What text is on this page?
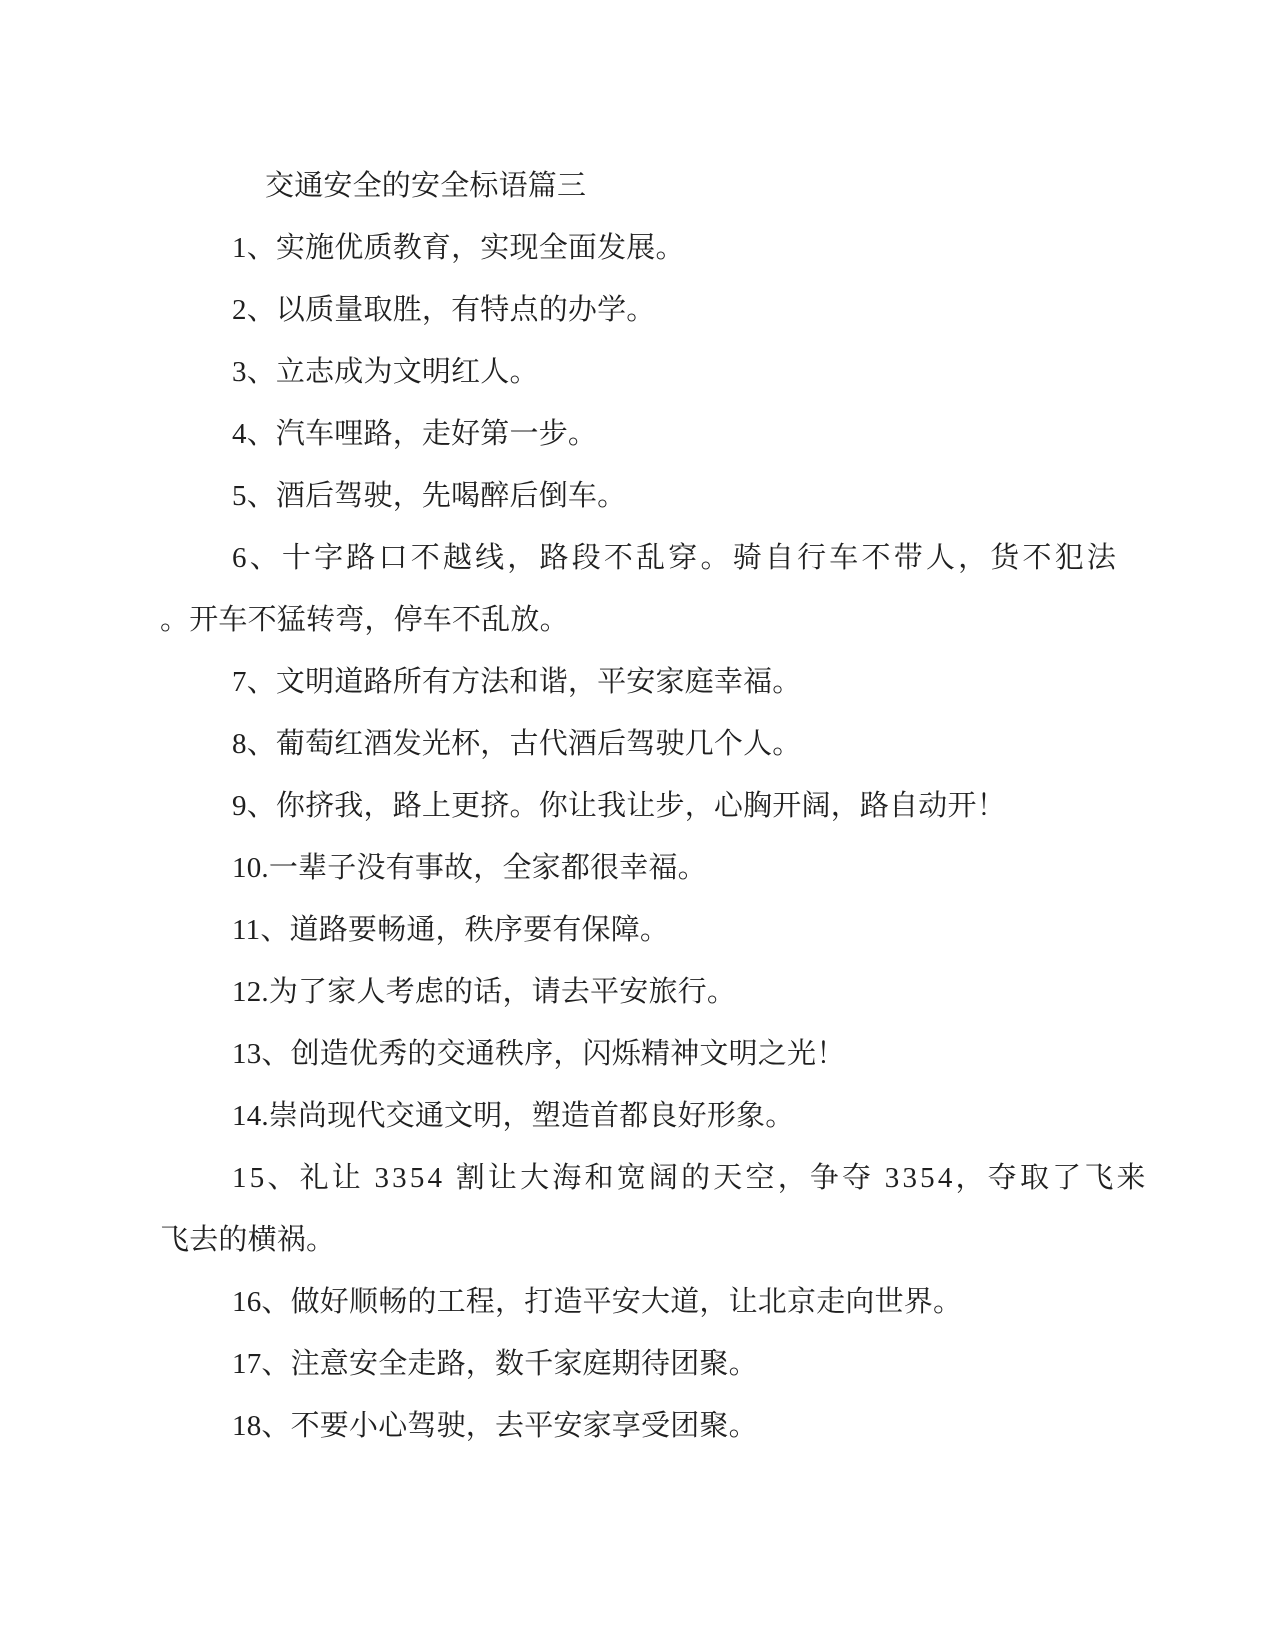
交通安全的安全标语篇三
1、实施优质教育，实现全面发展。
2、以质量取胜，有特点的办学。
3、立志成为文明红人。
4、汽车哩路，走好第一步。
5、酒后驾驶，先喝醉后倒车。
6、十字路口不越线，路段不乱穿。骑自行车不带人，货不犯法
。开车不猛转弯，停车不乱放。
7、文明道路所有方法和谐，平安家庭幸福。
8、葡萄红酒发光杯，古代酒后驾驶几个人。
9、你挤我，路上更挤。你让我让步，心胸开阔，路自动开！
10.一辈子没有事故，全家都很幸福。
11、道路要畅通，秩序要有保障。
12.为了家人考虑的话，请去平安旅行。
13、创造优秀的交通秩序，闪烁精神文明之光！
14.崇尚现代交通文明，塑造首都良好形象。
15、礼让 3354 割让大海和宽阔的天空，争夺 3354，夺取了飞来
飞去的横祸。
16、做好顺畅的工程，打造平安大道，让北京走向世界。
17、注意安全走路，数千家庭期待团聚。
18、不要小心驾驶，去平安家享受团聚。
